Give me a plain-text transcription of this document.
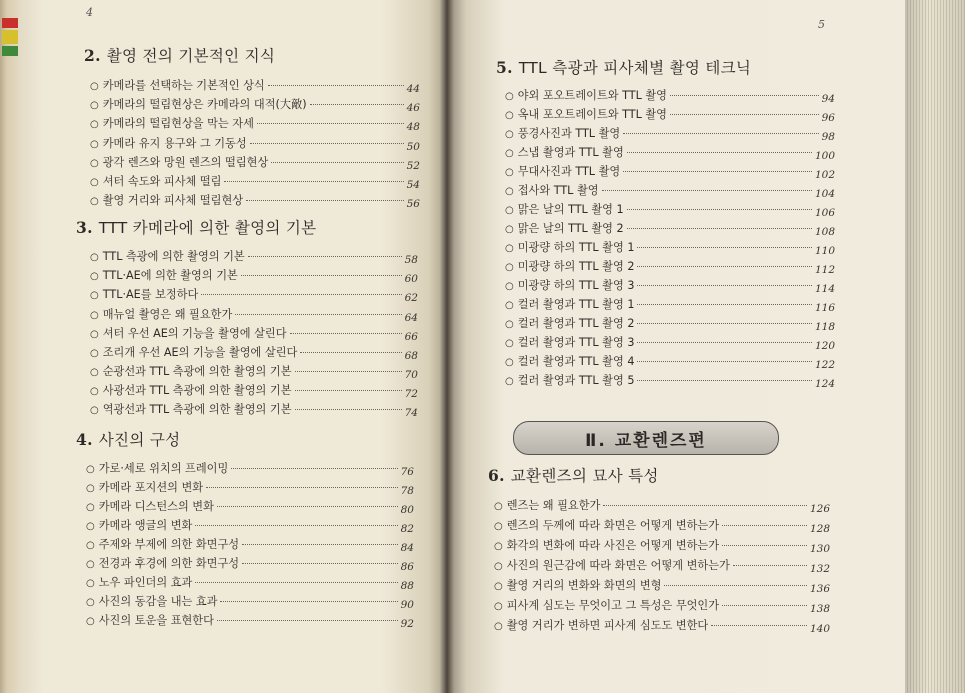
4
5
2. 촬영 전의 기본적인 지식
○ 카메라를 선택하는 기본적인 상식	44
○ 카메라의 떨림현상은 카메라의 대적(大敵)	46
○ 카메라의 떨림현상을 막는 자세	48
○ 카메라 유지 용구와 그 기동성	50
○ 광각 렌즈와 망원 렌즈의 떨림현상	52
○ 셔터 속도와 피사체 떨림	54
○ 촬영 거리와 피사체 떨림현상	56
3. TTT 카메라에 의한 촬영의 기본
○ TTL 측광에 의한 촬영의 기본	58
○ TTL·AE에 의한 촬영의 기본	60
○ TTL·AE를 보정하다	62
○ 매뉴얼 촬영은 왜 필요한가	64
○ 셔터 우선 AE의 기능을 촬영에 살린다	66
○ 조리개 우선 AE의 기능을 촬영에 살린다	68
○ 순광선과 TTL 측광에 의한 촬영의 기본	70
○ 사광선과 TTL 측광에 의한 촬영의 기본	72
○ 역광선과 TTL 측광에 의한 촬영의 기본	74
4. 사진의 구성
○ 가로·세로 위치의 프레이밍	76
○ 카메라 포지션의 변화	78
○ 카메라 디스턴스의 변화	80
○ 카메라 앵글의 변화	82
○ 주제와 부제에 의한 화면구성	84
○ 전경과 후경에 의한 화면구성	86
○ 노우 파인더의 효과	88
○ 사진의 동감을 내는 효과	90
○ 사진의 토운을 표현한다	92
5. TTL 측광과 피사체별 촬영 테크닉
○ 야외 포오트레이트와 TTL 촬영	94
○ 옥내 포오트레이트와 TTL 촬영	96
○ 풍경사진과 TTL 촬영	98
○ 스냅 촬영과 TTL 촬영	100
○ 무대사진과 TTL 촬영	102
○ 접사와 TTL 촬영	104
○ 맑은 날의 TTL 촬영 1	106
○ 맑은 날의 TTL 촬영 2	108
○ 미광량 하의 TTL 촬영 1	110
○ 미광량 하의 TTL 촬영 2	112
○ 미광량 하의 TTL 촬영 3	114
○ 컬러 촬영과 TTL 촬영 1	116
○ 컬러 촬영과 TTL 촬영 2	118
○ 컬러 촬영과 TTL 촬영 3	120
○ 컬러 촬영과 TTL 촬영 4	122
○ 컬러 촬영과 TTL 촬영 5	124
Ⅱ. 교환렌즈편
6. 교환렌즈의 묘사 특성
○ 렌즈는 왜 필요한가	126
○ 렌즈의 두께에 따라 화면은 어떻게 변하는가	128
○ 화각의 변화에 따라 사진은 어떻게 변하는가	130
○ 사진의 원근감에 따라 화면은 어떻게 변하는가	132
○ 촬영 거리의 변화와 화면의 변형	136
○ 피사계 심도는 무엇이고 그 특성은 무엇인가	138
○ 촬영 거리가 변하면 피사계 심도도 변한다	140
